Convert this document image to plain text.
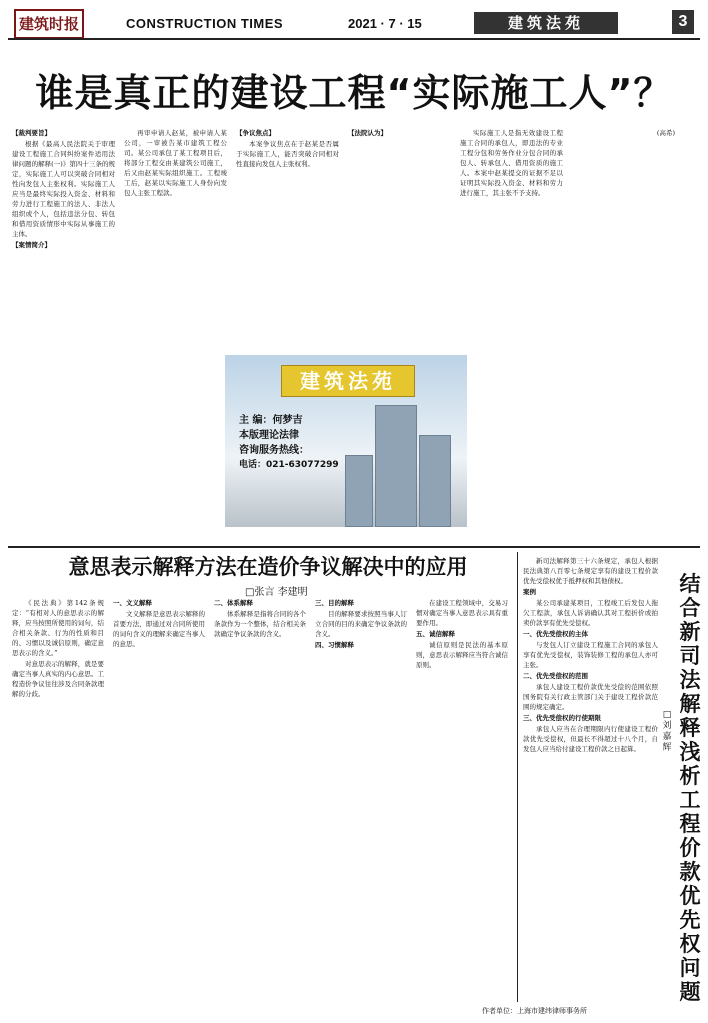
建筑时报	CONSTRUCTION TIMES	2021 · 7 · 15	建筑法苑	3
谁是真正的建设工程“实际施工人”？

【裁判要旨】

根据《最高人民法院关于审理建设工程施工合同纠纷案件适用法律问题的解释(一)》第四十三条的规定，实际施工人可以突破合同相对性向发包人主张权利。实际施工人应当是最终实际投入资金、材料和劳力进行工程施工的法人、非法人组织或个人，包括违法分包、转包和借用资质情形中实际从事施工的主体。

【案情简介】

再审申请人赵某，被申请人某公司，一审被告某市建筑工程公司。某公司承包了某工程项目后，将部分工程交由某建筑公司施工，后又由赵某实际组织施工。工程竣工后，赵某以实际施工人身份向发包人主张工程款。

【争议焦点】

本案争议焦点在于赵某是否属于实际施工人，能否突破合同相对性直接向发包人主张权利。

【法院认为】	实际施工人是指无效建设工程施工合同的承包人，即违法的专业工程分包和劳务作业分包合同的承包人、转承包人、借用资质的施工人。本案中赵某提交的证据不足以证明其实际投入资金、材料和劳力进行施工，其主张不予支持。

(高希)

建筑法苑
主 编：何梦吉
本版理论法律
咨询服务热线：
电话：021-63077299
意思表示解释方法在造价争议解决中的应用
□张言 李建明

《民法典》第142条规定：“有相对人的意思表示的解释，应当按照所使用的词句，结合相关条款、行为的性质和目的、习惯以及诚信原则，确定意思表示的含义。”

对意思表示的解释，就是要确定当事人真实的内心意思。工程造价争议往往涉及合同条款理解的分歧。

一、文义解释

文义解释是意思表示解释的首要方法，即通过对合同所使用的词句含义的理解来确定当事人的意思。

二、体系解释

体系解释是指将合同的各个条款作为一个整体，结合相关条款确定争议条款的含义。

三、目的解释

目的解释要求按照当事人订立合同的目的来确定争议条款的含义。

四、习惯解释

在建设工程领域中，交易习惯对确定当事人意思表示具有重要作用。

五、诚信解释

诚信原则是民法的基本原则，意思表示解释应当符合诚信原则。

结合新司法解释浅析工程价款优先权问题
□刘嘉辉

新司法解释第三十六条规定，承包人根据民法典第八百零七条规定享有的建设工程价款优先受偿权优于抵押权和其他债权。

案例

某公司承建某项目，工程竣工后发包人拖欠工程款，承包人诉请确认其对工程折价或拍卖价款享有优先受偿权。

一、优先受偿权的主体

与发包人订立建设工程施工合同的承包人享有优先受偿权，装饰装修工程的承包人亦可主张。

二、优先受偿权的范围

承包人建设工程价款优先受偿的范围依照国务院有关行政主管部门关于建设工程价款范围的规定确定。

三、优先受偿权的行使期限

承包人应当在合理期限内行使建设工程价款优先受偿权，但最长不得超过十八个月，自发包人应当给付建设工程价款之日起算。

作者单位：上海市建纬律师事务所
